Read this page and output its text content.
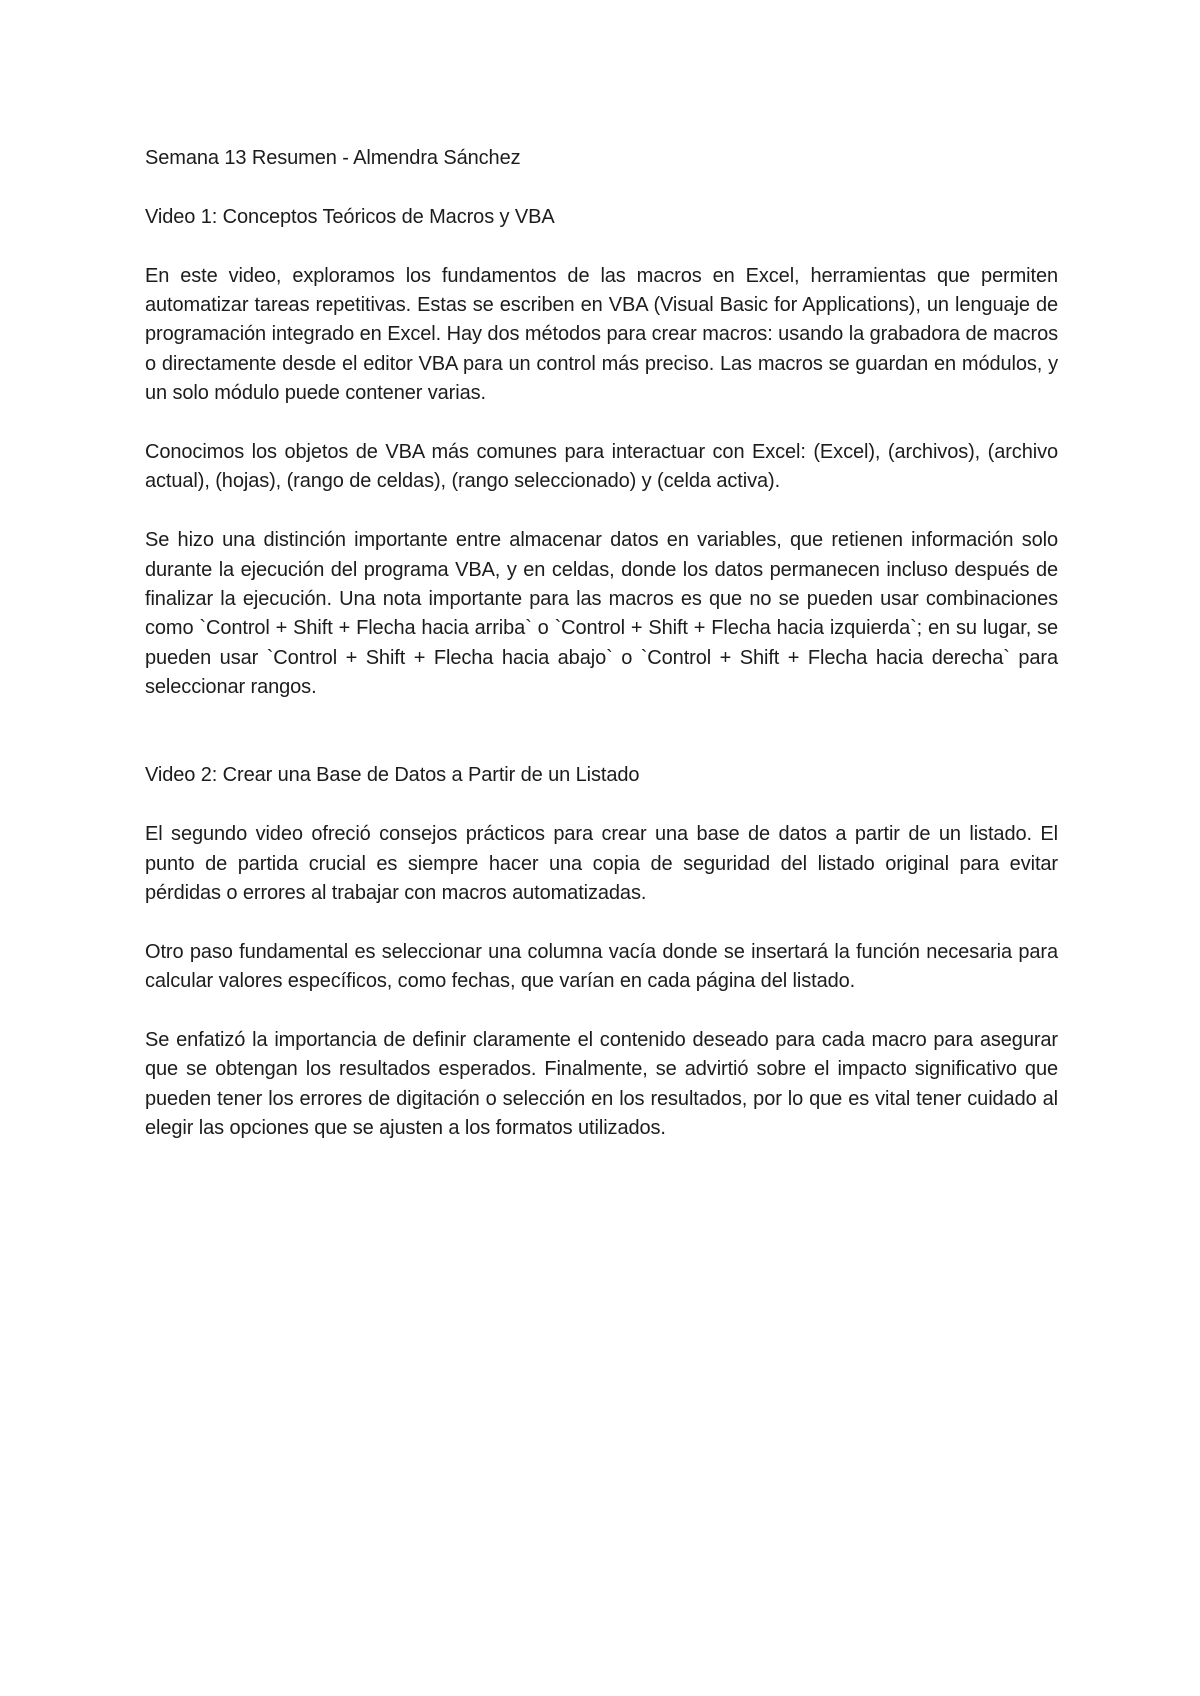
Semana 13 Resumen - Almendra Sánchez

Video 1: Conceptos Teóricos de Macros y VBA

En este video, exploramos los fundamentos de las macros en Excel, herramientas que permiten automatizar tareas repetitivas. Estas se escriben en VBA (Visual Basic for Applications), un lenguaje de programación integrado en Excel. Hay dos métodos para crear macros: usando la grabadora de macros o directamente desde el editor VBA para un control más preciso. Las macros se guardan en módulos, y un solo módulo puede contener varias.

Conocimos los objetos de VBA más comunes para interactuar con Excel: (Excel), (archivos), (archivo actual), (hojas), (rango de celdas), (rango seleccionado) y (celda activa).

Se hizo una distinción importante entre almacenar datos en variables, que retienen información solo durante la ejecución del programa VBA, y en celdas, donde los datos permanecen incluso después de finalizar la ejecución. Una nota importante para las macros es que no se pueden usar combinaciones como `Control + Shift + Flecha hacia arriba` o `Control + Shift + Flecha hacia izquierda`; en su lugar, se pueden usar `Control + Shift + Flecha hacia abajo` o `Control + Shift + Flecha hacia derecha` para seleccionar rangos.

Video 2: Crear una Base de Datos a Partir de un Listado

El segundo video ofreció consejos prácticos para crear una base de datos a partir de un listado. El punto de partida crucial es siempre hacer una copia de seguridad del listado original para evitar pérdidas o errores al trabajar con macros automatizadas.

Otro paso fundamental es seleccionar una columna vacía donde se insertará la función necesaria para calcular valores específicos, como fechas, que varían en cada página del listado.

Se enfatizó la importancia de definir claramente el contenido deseado para cada macro para asegurar que se obtengan los resultados esperados. Finalmente, se advirtió sobre el impacto significativo que pueden tener los errores de digitación o selección en los resultados, por lo que es vital tener cuidado al elegir las opciones que se ajusten a los formatos utilizados.
